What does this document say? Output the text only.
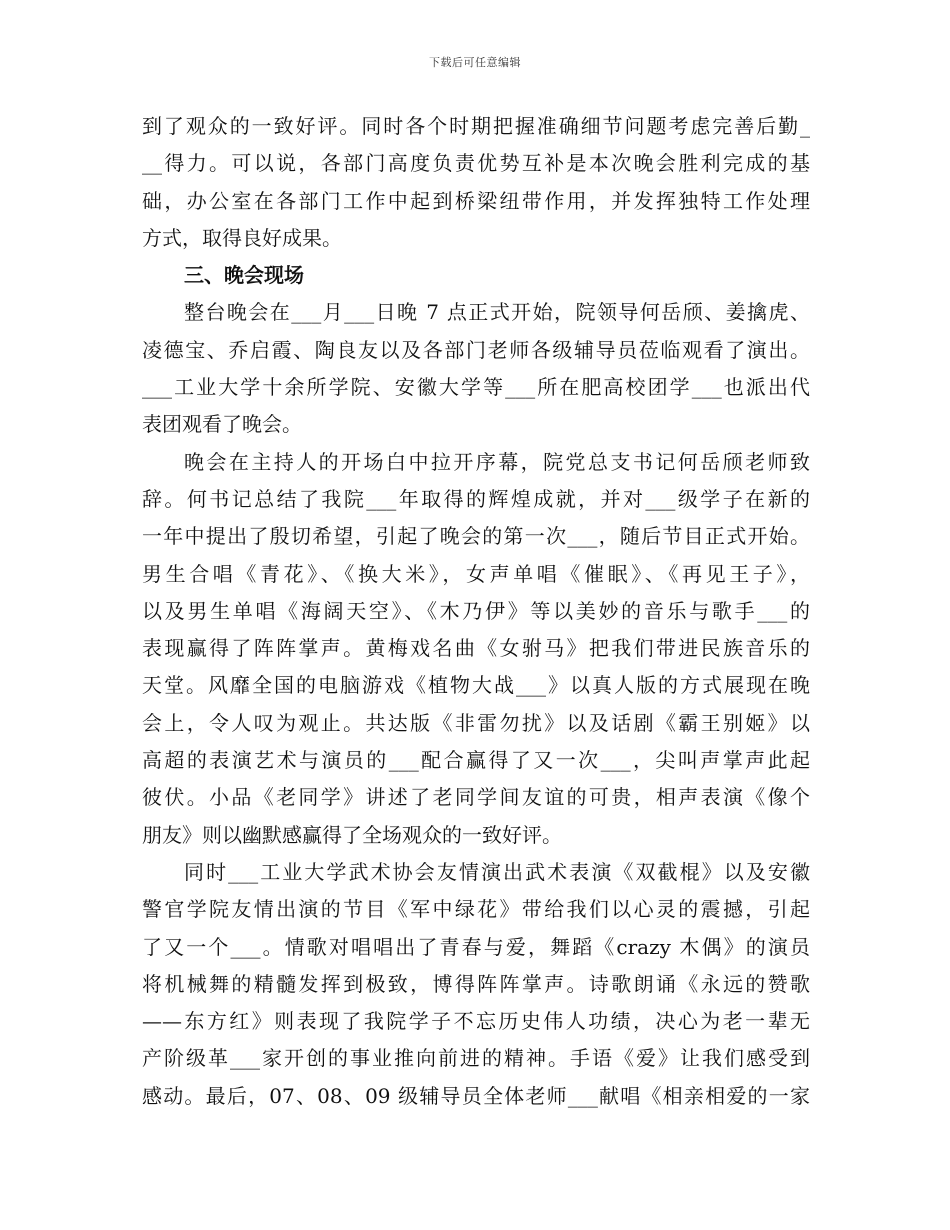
下载后可任意编辑
到了观众的一致好评。同时各个时期把握准确细节问题考虑完善后勤_
__得力。可以说，各部门高度负责优势互补是本次晚会胜利完成的基
础，办公室在各部门工作中起到桥梁纽带作用，并发挥独特工作处理
方式，取得良好成果。
三、晚会现场
整台晚会在___月___日晚 7 点正式开始，院领导何岳颀、姜擒虎、
凌德宝、乔启霞、陶良友以及各部门老师各级辅导员莅临观看了演出。
___工业大学十余所学院、安徽大学等___所在肥高校团学___也派出代
表团观看了晚会。
晚会在主持人的开场白中拉开序幕，院党总支书记何岳颀老师致
辞。何书记总结了我院___年取得的辉煌成就，并对___级学子在新的
一年中提出了殷切希望，引起了晚会的第一次___，随后节目正式开始。
男生合唱《青花》、《换大米》，女声单唱《催眠》、《再见王子》，
以及男生单唱《海阔天空》、《木乃伊》等以美妙的音乐与歌手___的
表现赢得了阵阵掌声。黄梅戏名曲《女驸马》把我们带进民族音乐的
天堂。风靡全国的电脑游戏《植物大战___》以真人版的方式展现在晚
会上，令人叹为观止。共达版《非雷勿扰》以及话剧《霸王别姬》以
高超的表演艺术与演员的___配合赢得了又一次___，尖叫声掌声此起
彼伏。小品《老同学》讲述了老同学间友谊的可贵，相声表演《像个
朋友》则以幽默感赢得了全场观众的一致好评。
同时___工业大学武术协会友情演出武术表演《双截棍》以及安徽
警官学院友情出演的节目《军中绿花》带给我们以心灵的震撼，引起
了又一个___。情歌对唱唱出了青春与爱，舞蹈《crazy 木偶》的演员
将机械舞的精髓发挥到极致，博得阵阵掌声。诗歌朗诵《永远的赞歌
——东方红》则表现了我院学子不忘历史伟人功绩，决心为老一辈无
产阶级革___家开创的事业推向前进的精神。手语《爱》让我们感受到
感动。最后，07、08、09 级辅导员全体老师___献唱《相亲相爱的一家
